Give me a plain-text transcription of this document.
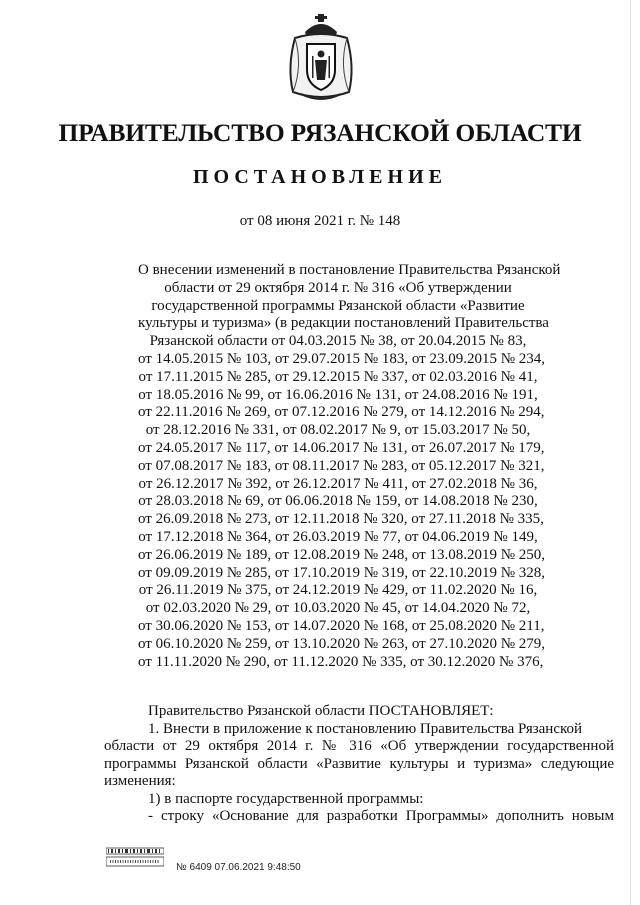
ПРАВИТЕЛЬСТВО РЯЗАНСКОЙ ОБЛАСТИ
ПОСТАНОВЛЕНИЕ
от 08 июня 2021 г. № 148
О внесении изменений в постановление Правительства Рязанской
области от 29 октября 2014 г. № 316 «Об утверждении
государственной программы Рязанской области «Развитие
культуры и туризма» (в редакции постановлений Правительства
Рязанской области от 04.03.2015 № 38, от 20.04.2015 № 83,
от 14.05.2015 № 103, от 29.07.2015 № 183, от 23.09.2015 № 234,
от 17.11.2015 № 285, от 29.12.2015 № 337, от 02.03.2016 № 41,
от 18.05.2016 № 99, от 16.06.2016 № 131, от 24.08.2016 № 191,
от 22.11.2016 № 269, от 07.12.2016 № 279, от 14.12.2016 № 294,
от 28.12.2016 № 331, от 08.02.2017 № 9, от 15.03.2017 № 50,
от 24.05.2017 № 117, от 14.06.2017 № 131, от 26.07.2017 № 179,
от 07.08.2017 № 183, от 08.11.2017 № 283, от 05.12.2017 № 321,
от 26.12.2017 № 392, от 26.12.2017 № 411, от 27.02.2018 № 36,
от 28.03.2018 № 69, от 06.06.2018 № 159, от 14.08.2018 № 230,
от 26.09.2018 № 273, от 12.11.2018 № 320, от 27.11.2018 № 335,
от 17.12.2018 № 364, от 26.03.2019 № 77, от 04.06.2019 № 149,
от 26.06.2019 № 189, от 12.08.2019 № 248, от 13.08.2019 № 250,
от 09.09.2019 № 285, от 17.10.2019 № 319, от 22.10.2019 № 328,
от 26.11.2019 № 375, от 24.12.2019 № 429, от 11.02.2020 № 16,
от 02.03.2020 № 29, от 10.03.2020 № 45, от 14.04.2020 № 72,
от 30.06.2020 № 153, от 14.07.2020 № 168, от 25.08.2020 № 211,
от 06.10.2020 № 259, от 13.10.2020 № 263, от 27.10.2020 № 279,
от 11.11.2020 № 290, от 11.12.2020 № 335, от 30.12.2020 № 376,
Правительство Рязанской области ПОСТАНОВЛЯЕТ:
1. Внести в приложение к постановлению Правительства Рязанской
области от 29 октября 2014 г. № 316 «Об утверждении государственной
программы Рязанской области «Развитие культуры и туризма» следующие
изменения:
1) в паспорте государственной программы:
- строку «Основание для разработки Программы» дополнить новым
№ 6409 07.06.2021 9:48:50
